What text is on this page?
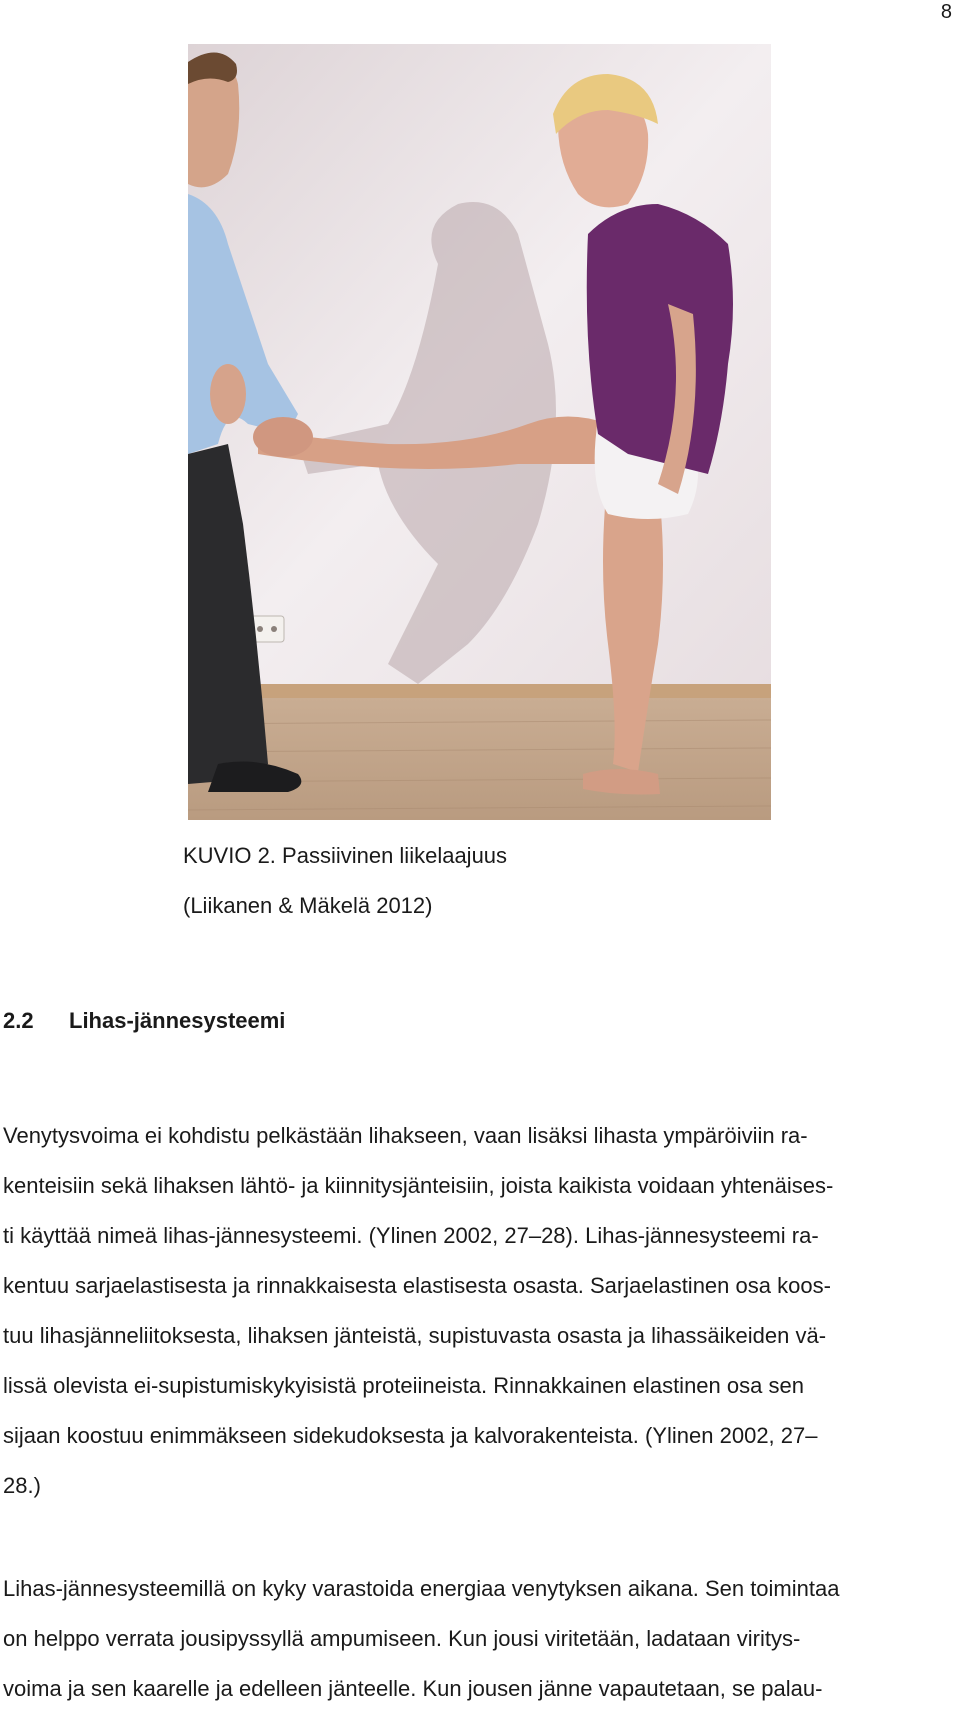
8
KUVIO 2. Passiivinen liikelaajuus
(Liikanen & Mäkelä 2012)
2.2 Lihas-jännesysteemi

Venytysvoima ei kohdistu pelkästään lihakseen, vaan lisäksi lihasta ympäröiviin ra-
kenteisiin sekä lihaksen lähtö- ja kiinnitysjänteisiin, joista kaikista voidaan yhtenäises-
ti käyttää nimeä lihas-jännesysteemi. (Ylinen 2002, 27–28). Lihas-jännesysteemi ra-
kentuu sarjaelastisesta ja rinnakkaisesta elastisesta osasta. Sarjaelastinen osa koos-
tuu lihasjänneliitoksesta, lihaksen jänteistä, supistuvasta osasta ja lihassäikeiden vä-
lissä olevista ei-supistumiskykyisistä proteiineista. Rinnakkainen elastinen osa sen
sijaan koostuu enimmäkseen sidekudoksesta ja kalvorakenteista. (Ylinen 2002, 27–
28.)

Lihas-jännesysteemillä on kyky varastoida energiaa venytyksen aikana. Sen toimintaa
on helppo verrata jousipyssyllä ampumiseen. Kun jousi viritetään, ladataan viritys-
voima ja sen kaarelle ja edelleen jänteelle. Kun jousen jänne vapautetaan, se palau-
